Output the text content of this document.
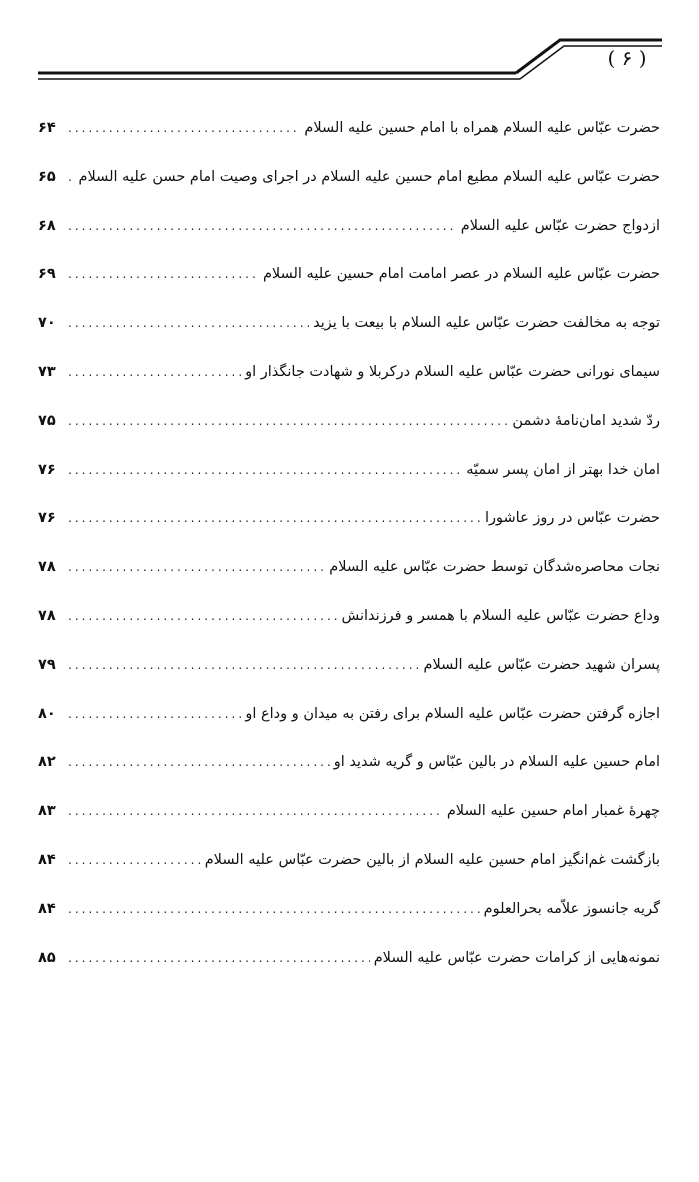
( ۶ )
حضرت عبّاس عليه السلام همراه با امام حسين عليه السلام
.....
۶۴
حضرت عبّاس عليه السلام مطيع امام حسين عليه السلام در اجراى وصيت امام حسن عليه السلام
.....
۶۵
ازدواج حضرت عبّاس عليه السلام
.....
۶۸
حضرت عبّاس عليه السلام در عصر امامت امام حسين عليه السلام
.....
۶۹
توجه به مخالفت حضرت عبّاس عليه السلام با بيعت با يزيد
.....
۷۰
سيماى نورانى حضرت عبّاس عليه السلام دركربلا و شهادت جانگذار او
.....
۷۳
ردّ شديد امان‌نامۀ دشمن
.....
۷۵
امان خدا بهتر از امان پسر سميّه
.....
۷۶
حضرت عبّاس در روز عاشورا
.....
۷۶
نجات محاصره‌شدگان توسط حضرت عبّاس عليه السلام
.....
۷۸
وداع حضرت عبّاس عليه السلام با همسر و فرزندانش
.....
۷۸
پسران شهيد حضرت عبّاس عليه السلام
.....
۷۹
اجازه گرفتن حضرت عبّاس عليه السلام براى رفتن به ميدان و وداع او
.....
۸۰
امام حسين عليه السلام در بالين عبّاس و گريه شديد او
.....
۸۲
چهرۀ غمبار امام حسين عليه السلام
.....
۸۳
بازگشت غم‌انگيز امام حسين عليه السلام از بالين حضرت عبّاس عليه السلام
.....
۸۴
گريه جانسوز علاّمه بحرالعلوم
.....
۸۴
نمونه‌هايى از كرامات حضرت عبّاس عليه السلام
.....
۸۵
